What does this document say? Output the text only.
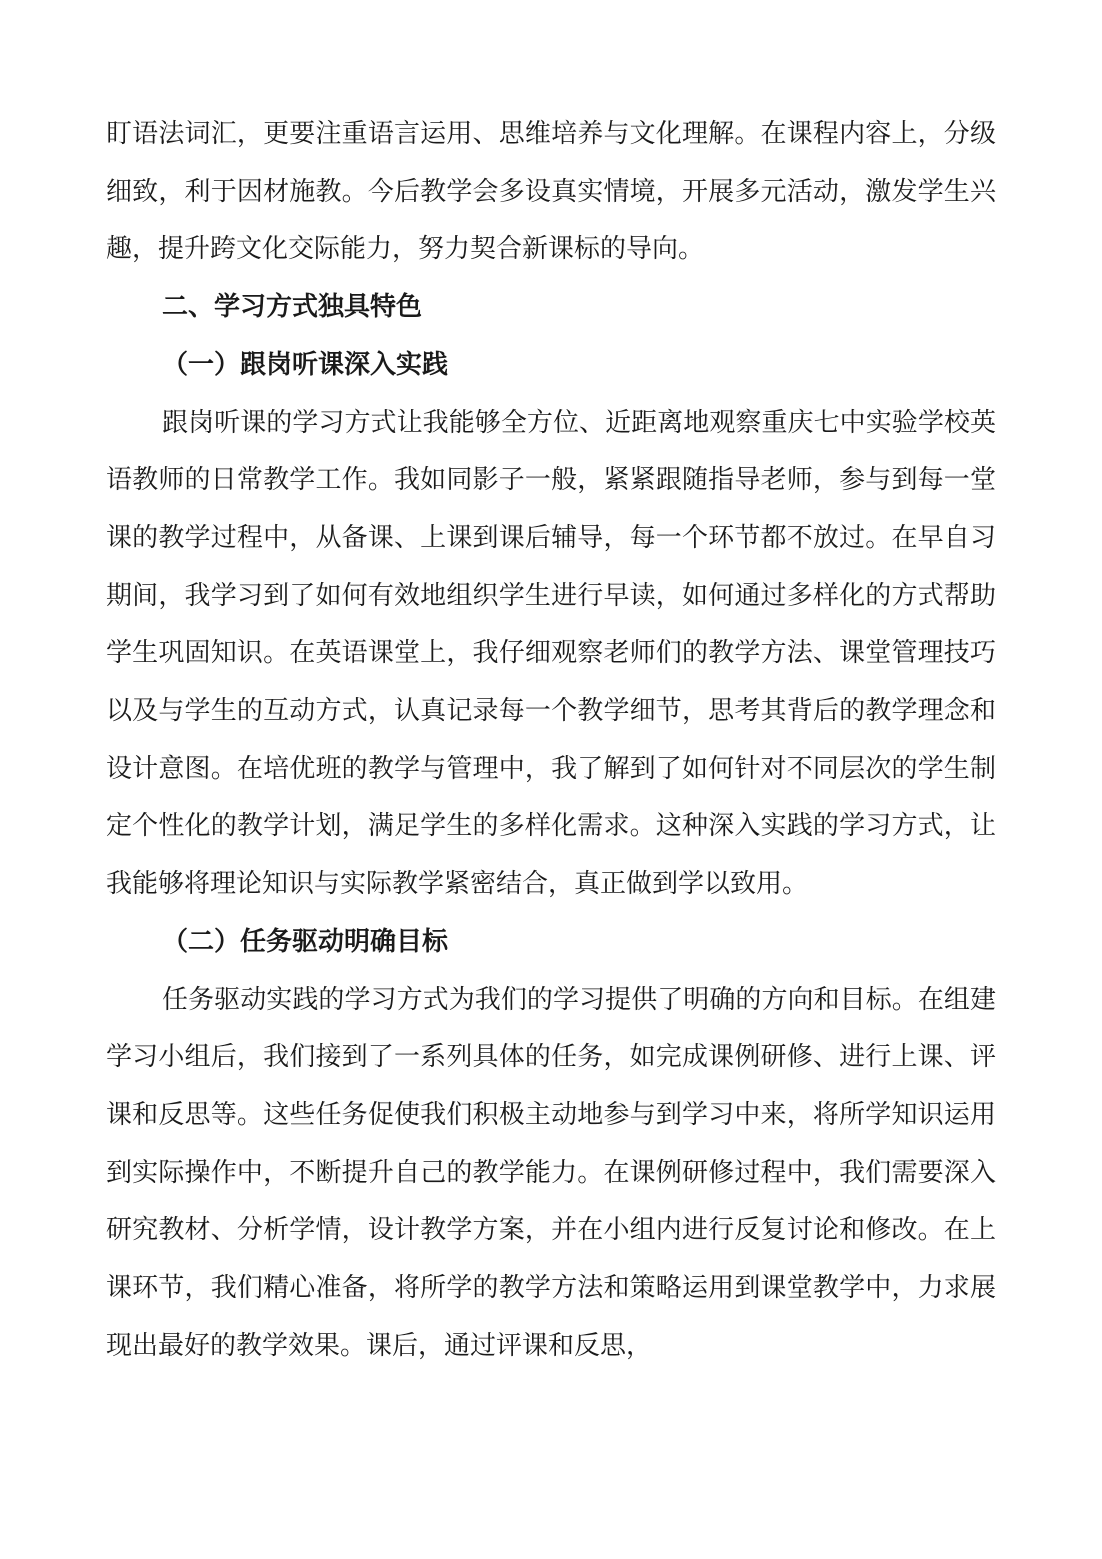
盯语法词汇，更要注重语言运用、思维培养与文化理解。在课程内容上，分级细致，利于因材施教。今后教学会多设真实情境，开展多元活动，激发学生兴趣，提升跨文化交际能力，努力契合新课标的导向。

二、学习方式独具特色
（一）跟岗听课深入实践

跟岗听课的学习方式让我能够全方位、近距离地观察重庆七中实验学校英语教师的日常教学工作。我如同影子一般，紧紧跟随指导老师，参与到每一堂课的教学过程中，从备课、上课到课后辅导，每一个环节都不放过。在早自习期间，我学习到了如何有效地组织学生进行早读，如何通过多样化的方式帮助学生巩固知识。在英语课堂上，我仔细观察老师们的教学方法、课堂管理技巧以及与学生的互动方式，认真记录每一个教学细节，思考其背后的教学理念和设计意图。在培优班的教学与管理中，我了解到了如何针对不同层次的学生制定个性化的教学计划，满足学生的多样化需求。这种深入实践的学习方式，让我能够将理论知识与实际教学紧密结合，真正做到学以致用。

（二）任务驱动明确目标

任务驱动实践的学习方式为我们的学习提供了明确的方向和目标。在组建学习小组后，我们接到了一系列具体的任务，如完成课例研修、进行上课、评课和反思等。这些任务促使我们积极主动地参与到学习中来，将所学知识运用到实际操作中，不断提升自己的教学能力。在课例研修过程中，我们需要深入研究教材、分析学情，设计教学方案，并在小组内进行反复讨论和修改。在上课环节，我们精心准备，将所学的教学方法和策略运用到课堂教学中，力求展现出最好的教学效果。课后，通过评课和反思，
